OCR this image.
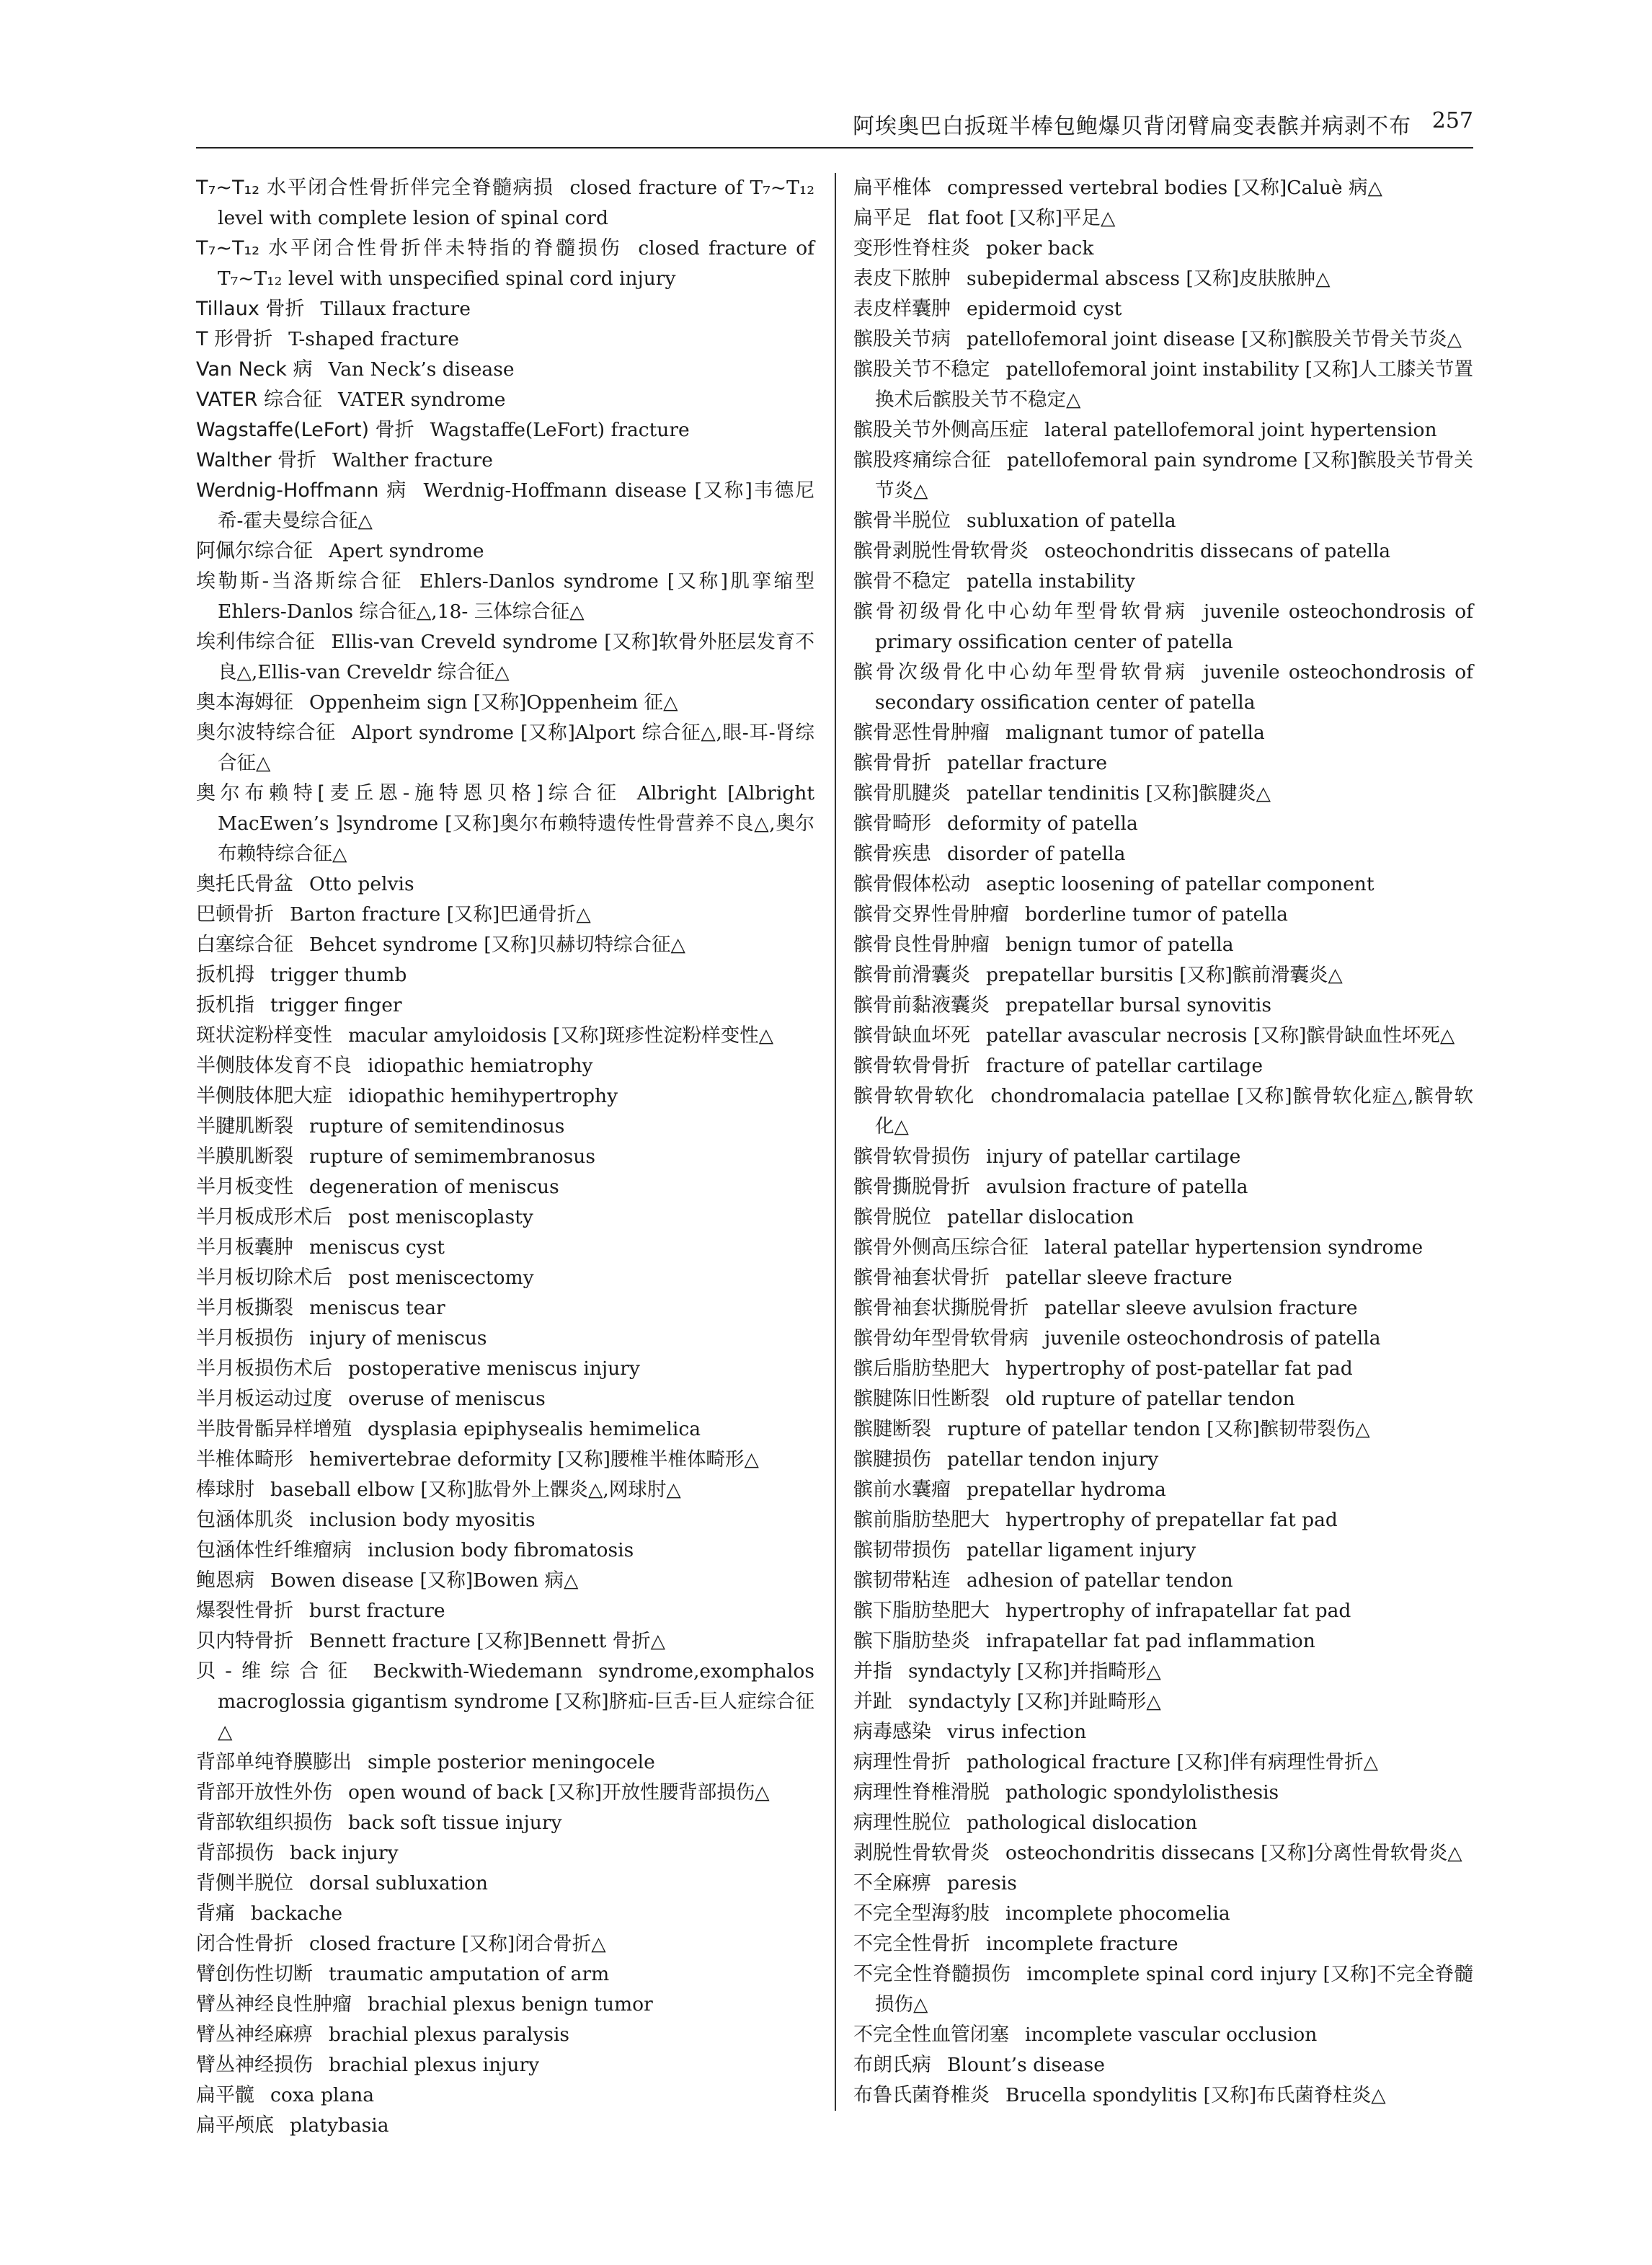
阿埃奥巴白扳斑半棒包鲍爆贝背闭臂扁变表髌并病剥不布 257
T₇~T₁₂ 水平闭合性骨折伴完全脊髓病损 closed fracture of T₇~T₁₂ level with complete lesion of spinal cord
T₇~T₁₂ 水平闭合性骨折伴未特指的脊髓损伤 closed fracture of T₇~T₁₂ level with unspecified spinal cord injury
Tillaux 骨折 Tillaux fracture
T 形骨折 T-shaped fracture
Van Neck 病 Van Neck’s disease
VATER 综合征 VATER syndrome
Wagstaffe(LeFort) 骨折 Wagstaffe(LeFort) fracture
Walther 骨折 Walther fracture
Werdnig-Hoffmann 病 Werdnig-Hoffmann disease [又称]韦德尼希-霍夫曼综合征△
阿佩尔综合征 Apert syndrome
埃勒斯-当洛斯综合征 Ehlers-Danlos syndrome [又称]肌挛缩型 Ehlers-Danlos 综合征△,18- 三体综合征△
埃利伟综合征 Ellis-van Creveld syndrome [又称]软骨外胚层发育不良△,Ellis-van Creveldr 综合征△
奥本海姆征 Oppenheim sign [又称]Oppenheim 征△
奥尔波特综合征 Alport syndrome [又称]Alport 综合征△,眼-耳-肾综合征△
奥尔布赖特[麦丘恩-施特恩贝格]综合征 Albright [Albright MacEwen’s ]syndrome [又称]奥尔布赖特遗传性骨营养不良△,奥尔布赖特综合征△
奥托氏骨盆 Otto pelvis
巴顿骨折 Barton fracture [又称]巴通骨折△
白塞综合征 Behcet syndrome [又称]贝赫切特综合征△
扳机拇 trigger thumb
扳机指 trigger finger
斑状淀粉样变性 macular amyloidosis [又称]斑疹性淀粉样变性△
半侧肢体发育不良 idiopathic hemiatrophy
半侧肢体肥大症 idiopathic hemihypertrophy
半腱肌断裂 rupture of semitendinosus
半膜肌断裂 rupture of semimembranosus
半月板变性 degeneration of meniscus
半月板成形术后 post meniscoplasty
半月板囊肿 meniscus cyst
半月板切除术后 post meniscectomy
半月板撕裂 meniscus tear
半月板损伤 injury of meniscus
半月板损伤术后 postoperative meniscus injury
半月板运动过度 overuse of meniscus
半肢骨骺异样增殖 dysplasia epiphysealis hemimelica
半椎体畸形 hemivertebrae deformity [又称]腰椎半椎体畸形△
棒球肘 baseball elbow [又称]肱骨外上髁炎△,网球肘△
包涵体肌炎 inclusion body myositis
包涵体性纤维瘤病 inclusion body fibromatosis
鲍恩病 Bowen disease [又称]Bowen 病△
爆裂性骨折 burst fracture
贝内特骨折 Bennett fracture [又称]Bennett 骨折△
贝-维综合征 Beckwith-Wiedemann syndrome,exomphalos macroglossia gigantism syndrome [又称]脐疝-巨舌-巨人症综合征△
背部单纯脊膜膨出 simple posterior meningocele
背部开放性外伤 open wound of back [又称]开放性腰背部损伤△
背部软组织损伤 back soft tissue injury
背部损伤 back injury
背侧半脱位 dorsal subluxation
背痛 backache
闭合性骨折 closed fracture [又称]闭合骨折△
臂创伤性切断 traumatic amputation of arm
臂丛神经良性肿瘤 brachial plexus benign tumor
臂丛神经麻痹 brachial plexus paralysis
臂丛神经损伤 brachial plexus injury
扁平髋 coxa plana
扁平颅底 platybasia
扁平椎体 compressed vertebral bodies [又称]Caluè 病△
扁平足 flat foot [又称]平足△
变形性脊柱炎 poker back
表皮下脓肿 subepidermal abscess [又称]皮肤脓肿△
表皮样囊肿 epidermoid cyst
髌股关节病 patellofemoral joint disease [又称]髌股关节骨关节炎△
髌股关节不稳定 patellofemoral joint instability [又称]人工膝关节置换术后髌股关节不稳定△
髌股关节外侧高压症 lateral patellofemoral joint hypertension
髌股疼痛综合征 patellofemoral pain syndrome [又称]髌股关节骨关节炎△
髌骨半脱位 subluxation of patella
髌骨剥脱性骨软骨炎 osteochondritis dissecans of patella
髌骨不稳定 patella instability
髌骨初级骨化中心幼年型骨软骨病 juvenile osteochondrosis of primary ossification center of patella
髌骨次级骨化中心幼年型骨软骨病 juvenile osteochondrosis of secondary ossification center of patella
髌骨恶性骨肿瘤 malignant tumor of patella
髌骨骨折 patellar fracture
髌骨肌腱炎 patellar tendinitis [又称]髌腱炎△
髌骨畸形 deformity of patella
髌骨疾患 disorder of patella
髌骨假体松动 aseptic loosening of patellar component
髌骨交界性骨肿瘤 borderline tumor of patella
髌骨良性骨肿瘤 benign tumor of patella
髌骨前滑囊炎 prepatellar bursitis [又称]髌前滑囊炎△
髌骨前黏液囊炎 prepatellar bursal synovitis
髌骨缺血坏死 patellar avascular necrosis [又称]髌骨缺血性坏死△
髌骨软骨骨折 fracture of patellar cartilage
髌骨软骨软化 chondromalacia patellae [又称]髌骨软化症△,髌骨软化△
髌骨软骨损伤 injury of patellar cartilage
髌骨撕脱骨折 avulsion fracture of patella
髌骨脱位 patellar dislocation
髌骨外侧高压综合征 lateral patellar hypertension syndrome
髌骨袖套状骨折 patellar sleeve fracture
髌骨袖套状撕脱骨折 patellar sleeve avulsion fracture
髌骨幼年型骨软骨病 juvenile osteochondrosis of patella
髌后脂肪垫肥大 hypertrophy of post-patellar fat pad
髌腱陈旧性断裂 old rupture of patellar tendon
髌腱断裂 rupture of patellar tendon [又称]髌韧带裂伤△
髌腱损伤 patellar tendon injury
髌前水囊瘤 prepatellar hydroma
髌前脂肪垫肥大 hypertrophy of prepatellar fat pad
髌韧带损伤 patellar ligament injury
髌韧带粘连 adhesion of patellar tendon
髌下脂肪垫肥大 hypertrophy of infrapatellar fat pad
髌下脂肪垫炎 infrapatellar fat pad inflammation
并指 syndactyly [又称]并指畸形△
并趾 syndactyly [又称]并趾畸形△
病毒感染 virus infection
病理性骨折 pathological fracture [又称]伴有病理性骨折△
病理性脊椎滑脱 pathologic spondylolisthesis
病理性脱位 pathological dislocation
剥脱性骨软骨炎 osteochondritis dissecans [又称]分离性骨软骨炎△
不全麻痹 paresis
不完全型海豹肢 incomplete phocomelia
不完全性骨折 incomplete fracture
不完全性脊髓损伤 imcomplete spinal cord injury [又称]不完全脊髓损伤△
不完全性血管闭塞 incomplete vascular occlusion
布朗氏病 Blount’s disease
布鲁氏菌脊椎炎 Brucella spondylitis [又称]布氏菌脊柱炎△
